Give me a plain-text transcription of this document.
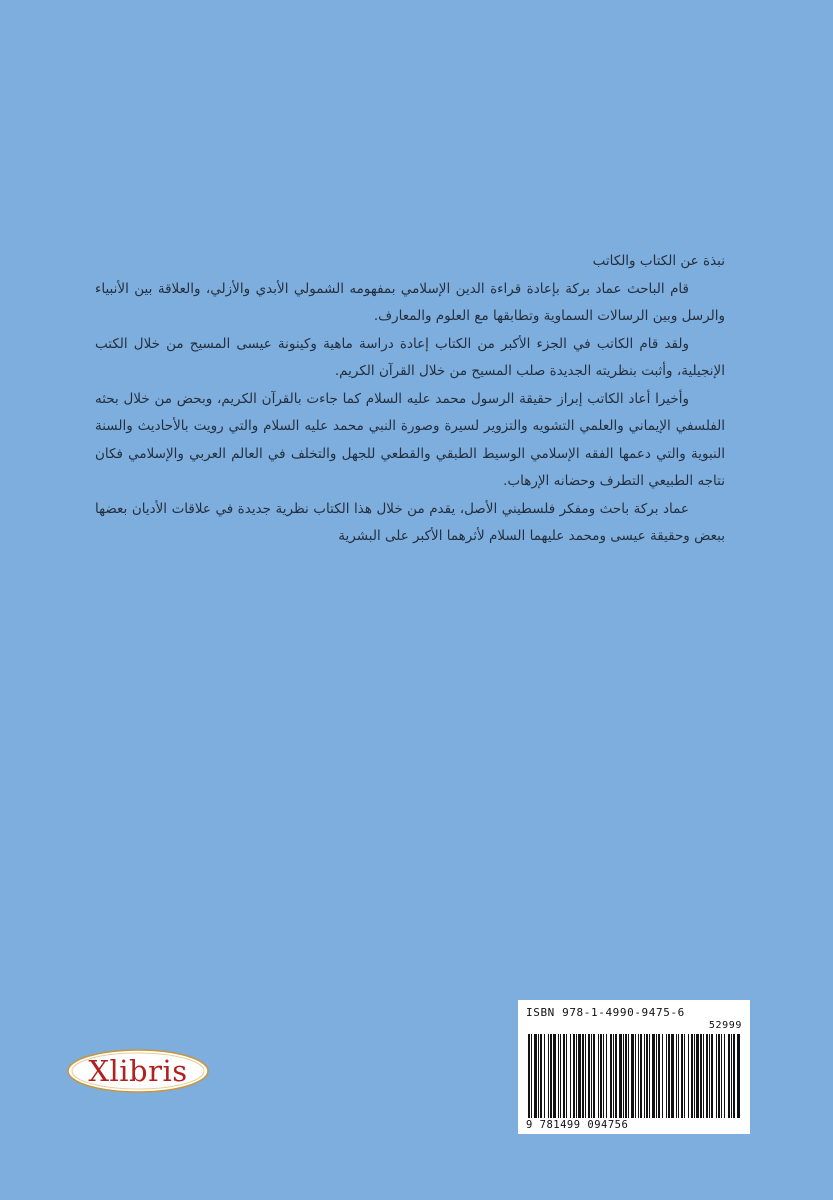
نبذة عن الكتاب والكاتب

قام الباحث عماد بركة بإعادة قراءة الدين الإسلامي بمفهومه الشمولي الأبدي والأزلي، والعلاقة بين الأنبياء والرسل وبين الرسالات السماوية وتطابقها مع العلوم والمعارف.

ولقد قام الكاتب في الجزء الأكبر من الكتاب إعادة دراسة ماهية وكينونة عيسى المسيح من خلال الكتب الإنجيلية، وأثبت بنظريته الجديدة صلب المسيح من خلال القرآن الكريم.

وأخيرا أعاد الكاتب إبراز حقيقة الرسول محمد عليه السلام كما جاءت بالقرآن الكريم، وبحض من خلال بحثه الفلسفي الإيماني والعلمي التشويه والتزوير لسيرة وصورة النبي محمد عليه السلام والتي رويت بالأحاديث والسنة النبوية والتي دعمها الفقه الإسلامي الوسيط الطبقي والقطعي للجهل والتخلف في العالم العربي والإسلامي فكان نتاجه الطبيعي التطرف وحضانه الإرهاب.

عماد بركة باحث ومفكر فلسطيني الأصل، يقدم من خلال هذا الكتاب نظرية جديدة في علاقات الأديان بعضها ببعض وحقيقة عيسى ومحمد عليهما السلام لأثرهما الأكبر على البشرية

Xlibris
ISBN 978-1-4990-9475-6
52999
9 781499 094756
